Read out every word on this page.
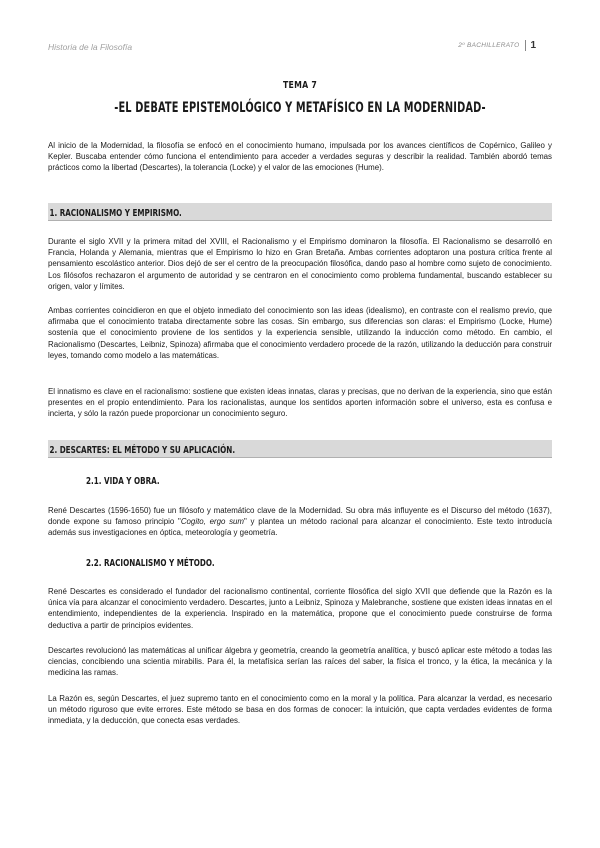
Historia de la Filosofía	2º BACHILLERATO 1
TEMA 7
-EL DEBATE EPISTEMOLÓGICO Y METAFÍSICO EN LA MODERNIDAD-
Al inicio de la Modernidad, la filosofía se enfocó en el conocimiento humano, impulsada por los avances científicos de Copérnico, Galileo y Kepler. Buscaba entender cómo funciona el entendimiento para acceder a verdades seguras y describir la realidad. También abordó temas prácticos como la libertad (Descartes), la tolerancia (Locke) y el valor de las emociones (Hume).
1. RACIONALISMO Y EMPIRISMO.
Durante el siglo XVII y la primera mitad del XVIII, el Racionalismo y el Empirismo dominaron la filosofía. El Racionalismo se desarrolló en Francia, Holanda y Alemania, mientras que el Empirismo lo hizo en Gran Bretaña. Ambas corrientes adoptaron una postura crítica frente al pensamiento escolástico anterior. Dios dejó de ser el centro de la preocupación filosófica, dando paso al hombre como sujeto de conocimiento. Los filósofos rechazaron el argumento de autoridad y se centraron en el conocimiento como problema fundamental, buscando establecer su origen, valor y límites.
Ambas corrientes coincidieron en que el objeto inmediato del conocimiento son las ideas (idealismo), en contraste con el realismo previo, que afirmaba que el conocimiento trataba directamente sobre las cosas. Sin embargo, sus diferencias son claras: el Empirismo (Locke, Hume) sostenía que el conocimiento proviene de los sentidos y la experiencia sensible, utilizando la inducción como método. En cambio, el Racionalismo (Descartes, Leibniz, Spinoza) afirmaba que el conocimiento verdadero procede de la razón, utilizando la deducción para construir leyes, tomando como modelo a las matemáticas.
El innatismo es clave en el racionalismo: sostiene que existen ideas innatas, claras y precisas, que no derivan de la experiencia, sino que están presentes en el propio entendimiento. Para los racionalistas, aunque los sentidos aporten información sobre el universo, esta es confusa e incierta, y sólo la razón puede proporcionar un conocimiento seguro.
2. DESCARTES: EL MÉTODO Y SU APLICACIÓN.
2.1. VIDA Y OBRA.
René Descartes (1596-1650) fue un filósofo y matemático clave de la Modernidad. Su obra más influyente es el Discurso del método (1637), donde expone su famoso principio "Cogito, ergo sum" y plantea un método racional para alcanzar el conocimiento. Este texto introducía además sus investigaciones en óptica, meteorología y geometría.
2.2. RACIONALISMO Y MÉTODO.
René Descartes es considerado el fundador del racionalismo continental, corriente filosófica del siglo XVII que defiende que la Razón es la única vía para alcanzar el conocimiento verdadero. Descartes, junto a Leibniz, Spinoza y Malebranche, sostiene que existen ideas innatas en el entendimiento, independientes de la experiencia. Inspirado en la matemática, propone que el conocimiento puede construirse de forma deductiva a partir de principios evidentes.
Descartes revolucionó las matemáticas al unificar álgebra y geometría, creando la geometría analítica, y buscó aplicar este método a todas las ciencias, concibiendo una scientia mirabilis. Para él, la metafísica serían las raíces del saber, la física el tronco, y la ética, la mecánica y la medicina las ramas.
La Razón es, según Descartes, el juez supremo tanto en el conocimiento como en la moral y la política. Para alcanzar la verdad, es necesario un método riguroso que evite errores. Este método se basa en dos formas de conocer: la intuición, que capta verdades evidentes de forma inmediata, y la deducción, que conecta esas verdades.
